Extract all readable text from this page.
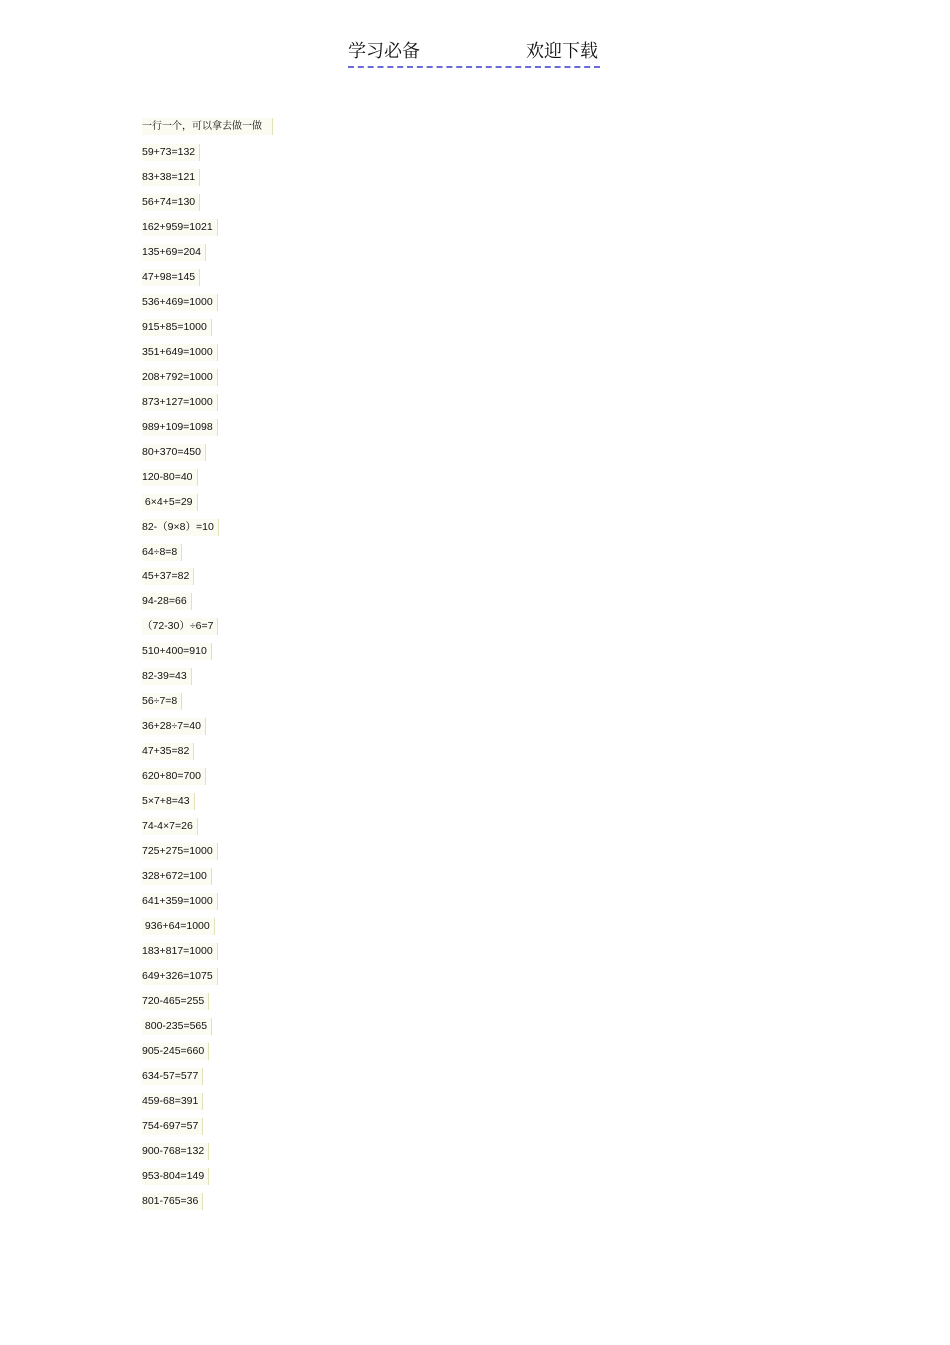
学习必备	欢迎下载
一行一个，可以拿去做一做
59+73=132
83+38=121
56+74=130
162+959=1021
135+69=204
47+98=145
536+469=1000
915+85=1000
351+649=1000
208+792=1000
873+127=1000
989+109=1098
80+370=450
120-80=40
6×4+5=29
82-（9×8）=10
64÷8=8
45+37=82
94-28=66
（72-30）÷6=7
510+400=910
82-39=43
56÷7=8
36+28÷7=40
47+35=82
620+80=700
5×7+8=43
74-4×7=26
725+275=1000
328+672=100
641+359=1000
936+64=1000
183+817=1000
649+326=1075
720-465=255
800-235=565
905-245=660
634-57=577
459-68=391
754-697=57
900-768=132
953-804=149
801-765=36
